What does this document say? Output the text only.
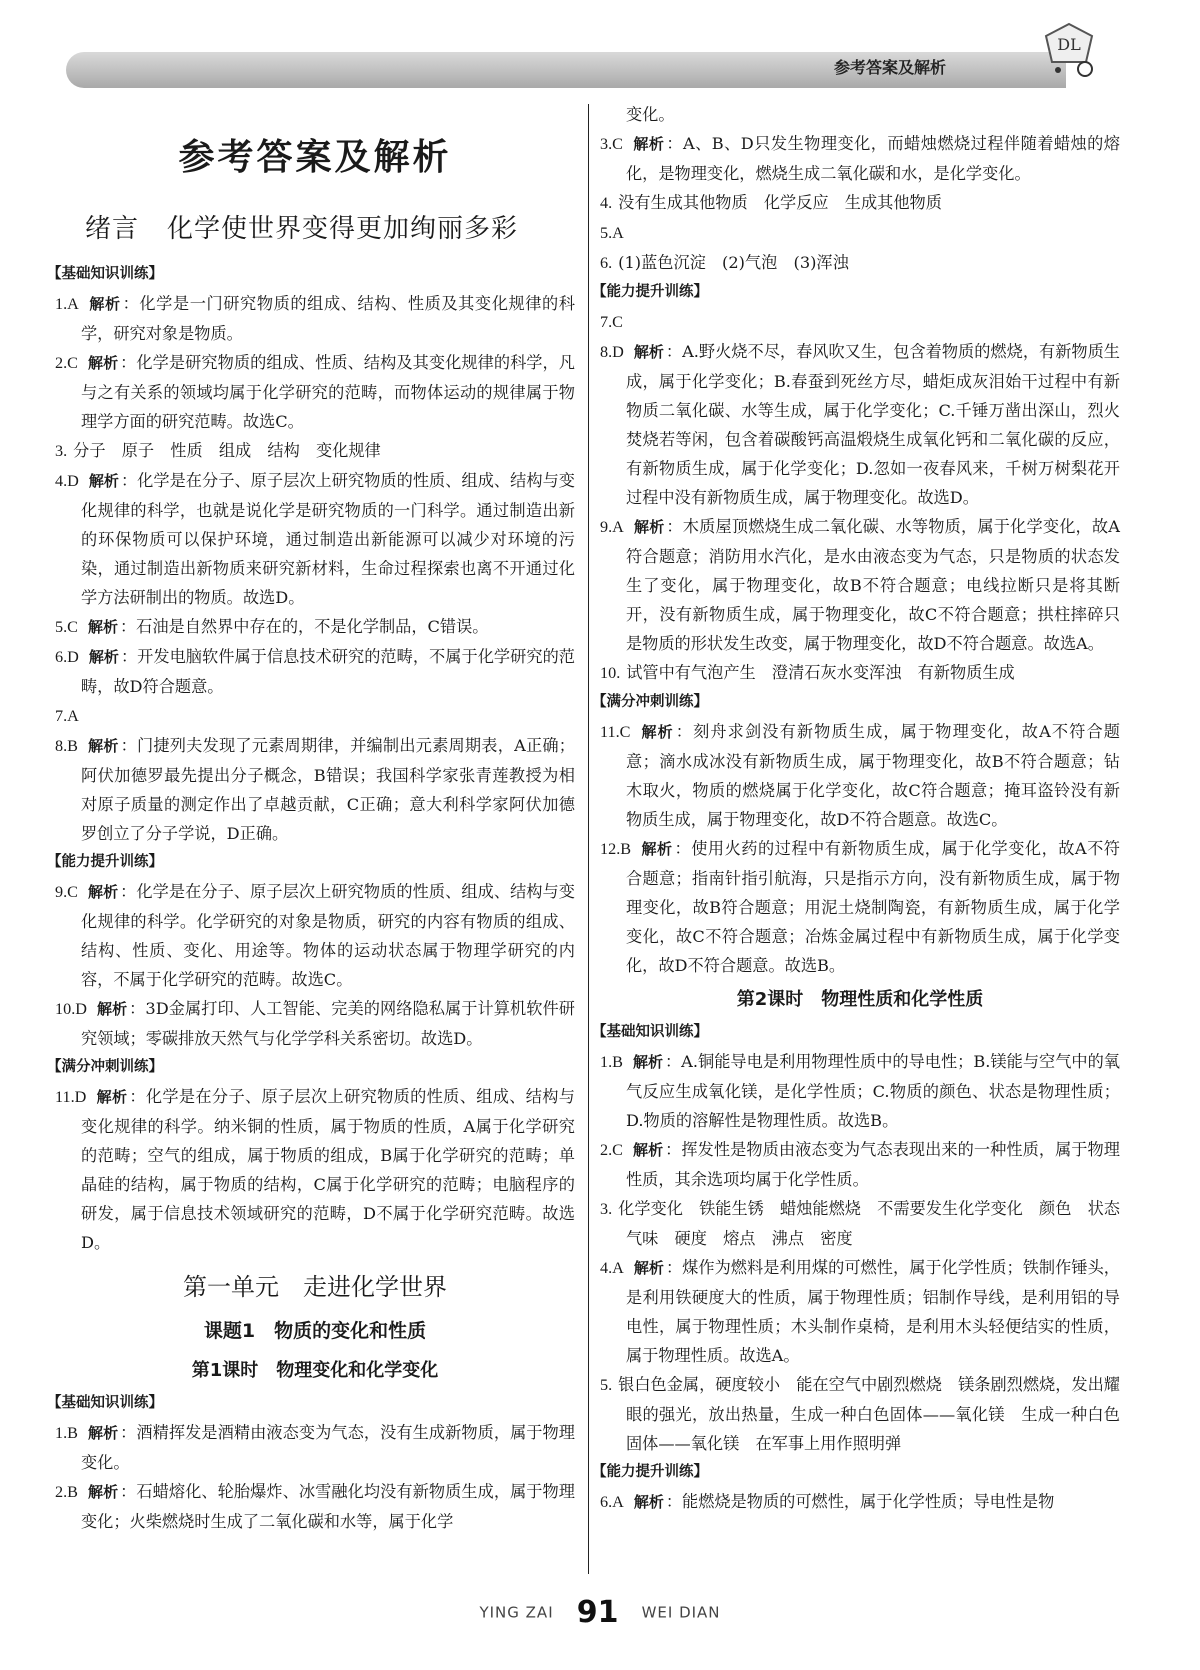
参考答案及解析
DL
参考答案及解析
绪言 化学使世界变得更加绚丽多彩
【基础知识训练】
1.A 解析 ：化学是一门研究物质的组成、结构、性质及其变化规律的科学，研究对象是物质。
2.C 解析 ：化学是研究物质的组成、性质、结构及其变化规律的科学，凡与之有关系的领域均属于化学研究的范畴，而物体运动的规律属于物理学方面的研究范畴。故选C。
3. 分子　原子　性质　组成　结构　变化规律
4.D 解析 ：化学是在分子、原子层次上研究物质的性质、组成、结构与变化规律的科学，也就是说化学是研究物质的一门科学。通过制造出新的环保物质可以保护环境，通过制造出新能源可以减少对环境的污染，通过制造出新物质来研究新材料，生命过程探索也离不开通过化学方法研制出的物质。故选D。
5.C 解析 ：石油是自然界中存在的，不是化学制品，C错误。
6.D 解析 ：开发电脑软件属于信息技术研究的范畴，不属于化学研究的范畴，故D符合题意。
7.A
8.B 解析 ：门捷列夫发现了元素周期律，并编制出元素周期表，A正确；阿伏加德罗最先提出分子概念，B错误；我国科学家张青莲教授为相对原子质量的测定作出了卓越贡献，C正确；意大利科学家阿伏加德罗创立了分子学说，D正确。
【能力提升训练】
9.C 解析 ：化学是在分子、原子层次上研究物质的性质、组成、结构与变化规律的科学。化学研究的对象是物质，研究的内容有物质的组成、结构、性质、变化、用途等。物体的运动状态属于物理学研究的内容，不属于化学研究的范畴。故选C。
10.D 解析 ：3D金属打印、人工智能、完美的网络隐私属于计算机软件研究领域；零碳排放天然气与化学学科关系密切。故选D。
【满分冲刺训练】
11.D 解析 ：化学是在分子、原子层次上研究物质的性质、组成、结构与变化规律的科学。纳米铜的性质，属于物质的性质，A属于化学研究的范畴；空气的组成，属于物质的组成，B属于化学研究的范畴；单晶硅的结构，属于物质的结构，C属于化学研究的范畴；电脑程序的研发，属于信息技术领域研究的范畴，D不属于化学研究范畴。故选D。
第一单元　走进化学世界
课题1　物质的变化和性质
第1课时　物理变化和化学变化
【基础知识训练】
1.B 解析 ：酒精挥发是酒精由液态变为气态，没有生成新物质，属于物理变化。
2.B 解析 ：石蜡熔化、轮胎爆炸、冰雪融化均没有新物质生成，属于物理变化；火柴燃烧时生成了二氧化碳和水等，属于化学
变化。
3.C 解析 ：A、B、D只发生物理变化，而蜡烛燃烧过程伴随着蜡烛的熔化，是物理变化，燃烧生成二氧化碳和水，是化学变化。
4. 没有生成其他物质　化学反应　生成其他物质
5.A
6. (1)蓝色沉淀　(2)气泡　(3)浑浊
【能力提升训练】
7.C
8.D 解析 ：A.野火烧不尽，春风吹又生，包含着物质的燃烧，有新物质生成，属于化学变化；B.春蚕到死丝方尽，蜡炬成灰泪始干过程中有新物质二氧化碳、水等生成，属于化学变化；C.千锤万凿出深山，烈火焚烧若等闲，包含着碳酸钙高温煅烧生成氧化钙和二氧化碳的反应，有新物质生成，属于化学变化；D.忽如一夜春风来，千树万树梨花开过程中没有新物质生成，属于物理变化。故选D。
9.A 解析 ：木质屋顶燃烧生成二氧化碳、水等物质，属于化学变化，故A符合题意；消防用水汽化，是水由液态变为气态，只是物质的状态发生了变化，属于物理变化，故B不符合题意；电线拉断只是将其断开，没有新物质生成，属于物理变化，故C不符合题意；拱柱摔碎只是物质的形状发生改变，属于物理变化，故D不符合题意。故选A。
10. 试管中有气泡产生　澄清石灰水变浑浊　有新物质生成
【满分冲刺训练】
11.C 解析 ：刻舟求剑没有新物质生成，属于物理变化，故A不符合题意；滴水成冰没有新物质生成，属于物理变化，故B不符合题意；钻木取火，物质的燃烧属于化学变化，故C符合题意；掩耳盗铃没有新物质生成，属于物理变化，故D不符合题意。故选C。
12.B 解析 ：使用火药的过程中有新物质生成，属于化学变化，故A不符合题意；指南针指引航海，只是指示方向，没有新物质生成，属于物理变化，故B符合题意；用泥土烧制陶瓷，有新物质生成，属于化学变化，故C不符合题意；冶炼金属过程中有新物质生成，属于化学变化，故D不符合题意。故选B。
第2课时　物理性质和化学性质
【基础知识训练】
1.B 解析 ：A.铜能导电是利用物理性质中的导电性；B.镁能与空气中的氧气反应生成氧化镁，是化学性质；C.物质的颜色、状态是物理性质；D.物质的溶解性是物理性质。故选B。
2.C 解析 ：挥发性是物质由液态变为气态表现出来的一种性质，属于物理性质，其余选项均属于化学性质。
3. 化学变化　铁能生锈　蜡烛能燃烧　不需要发生化学变化　颜色　状态　气味　硬度　熔点　沸点　密度
4.A 解析 ：煤作为燃料是利用煤的可燃性，属于化学性质；铁制作锤头，是利用铁硬度大的性质，属于物理性质；铝制作导线，是利用铝的导电性，属于物理性质；木头制作桌椅，是利用木头轻便结实的性质，属于物理性质。故选A。
5. 银白色金属，硬度较小　能在空气中剧烈燃烧　镁条剧烈燃烧，发出耀眼的强光，放出热量，生成一种白色固体——氧化镁　生成一种白色固体——氧化镁　在军事上用作照明弹
【能力提升训练】
6.A 解析 ：能燃烧是物质的可燃性，属于化学性质；导电性是物
YING ZAI 91 WEI DIAN
